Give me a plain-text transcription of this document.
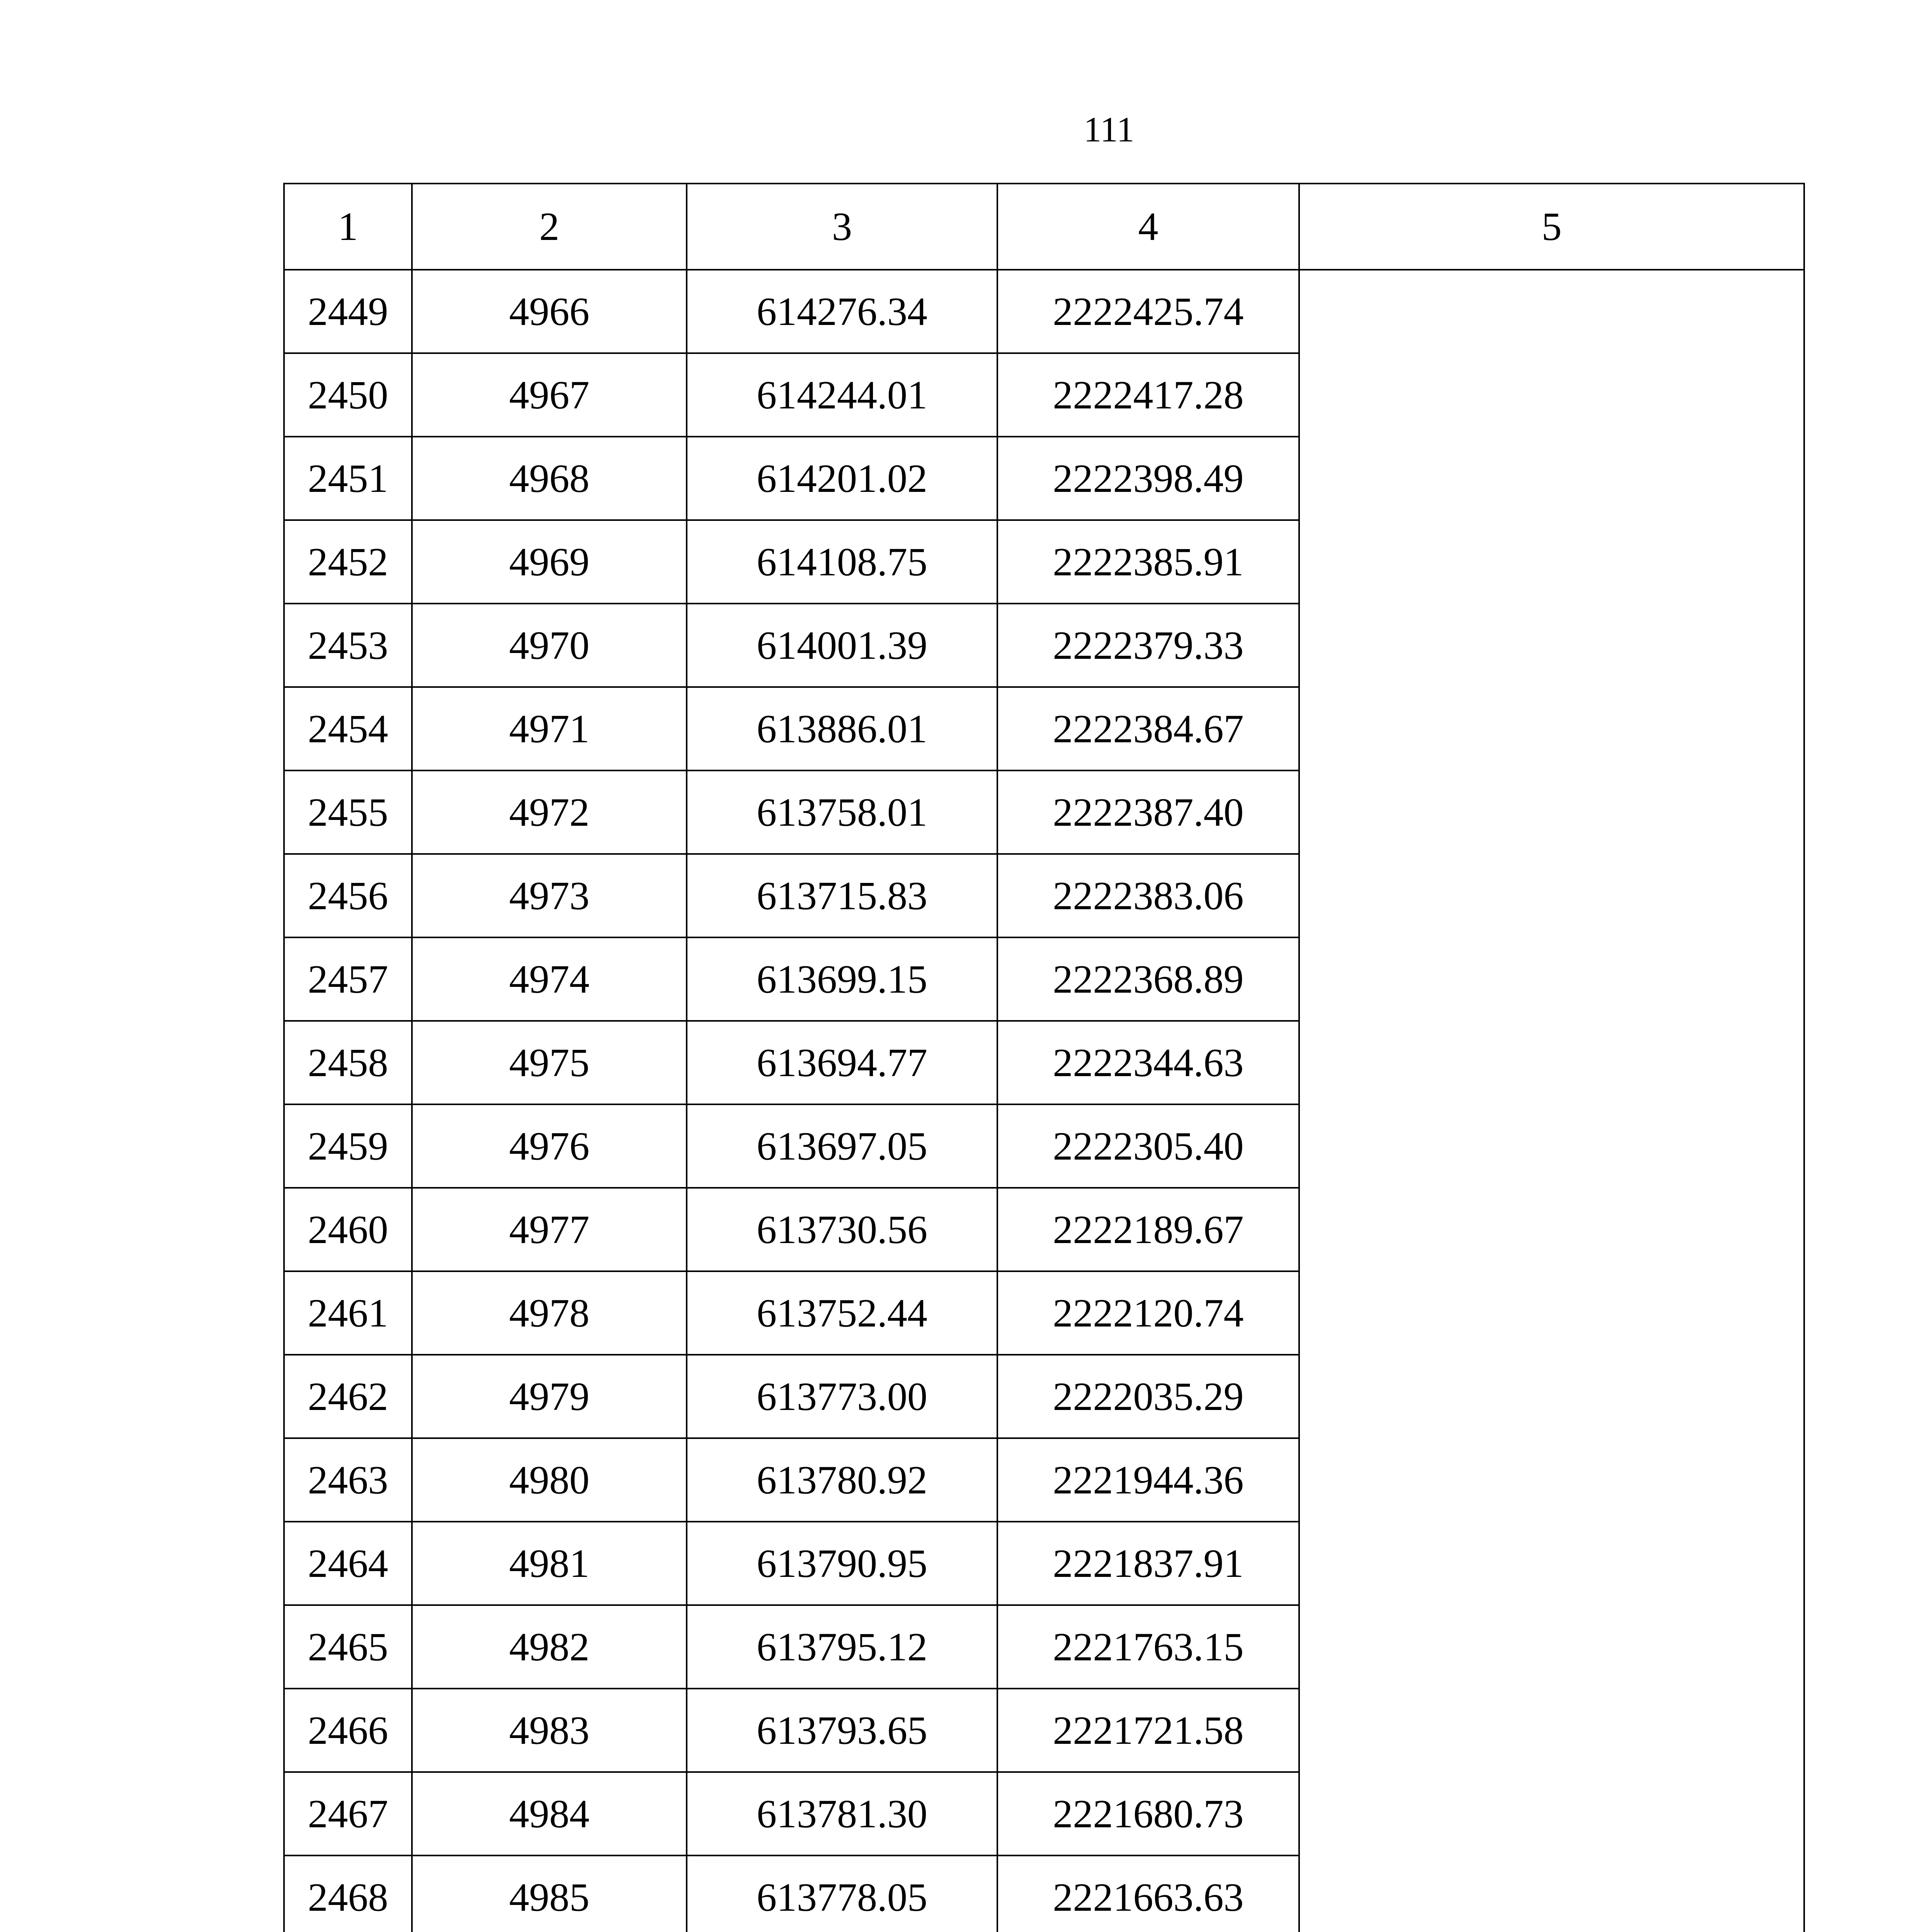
111
1	2	3	4	5
2449	4966	614276.34	2222425.74	
2450	4967	614244.01	2222417.28	
2451	4968	614201.02	2222398.49	
2452	4969	614108.75	2222385.91	
2453	4970	614001.39	2222379.33	
2454	4971	613886.01	2222384.67	
2455	4972	613758.01	2222387.40	
2456	4973	613715.83	2222383.06	
2457	4974	613699.15	2222368.89	
2458	4975	613694.77	2222344.63	
2459	4976	613697.05	2222305.40	
2460	4977	613730.56	2222189.67	
2461	4978	613752.44	2222120.74	
2462	4979	613773.00	2222035.29	
2463	4980	613780.92	2221944.36	
2464	4981	613790.95	2221837.91	
2465	4982	613795.12	2221763.15	
2466	4983	613793.65	2221721.58	
2467	4984	613781.30	2221680.73	
2468	4985	613778.05	2221663.63	
